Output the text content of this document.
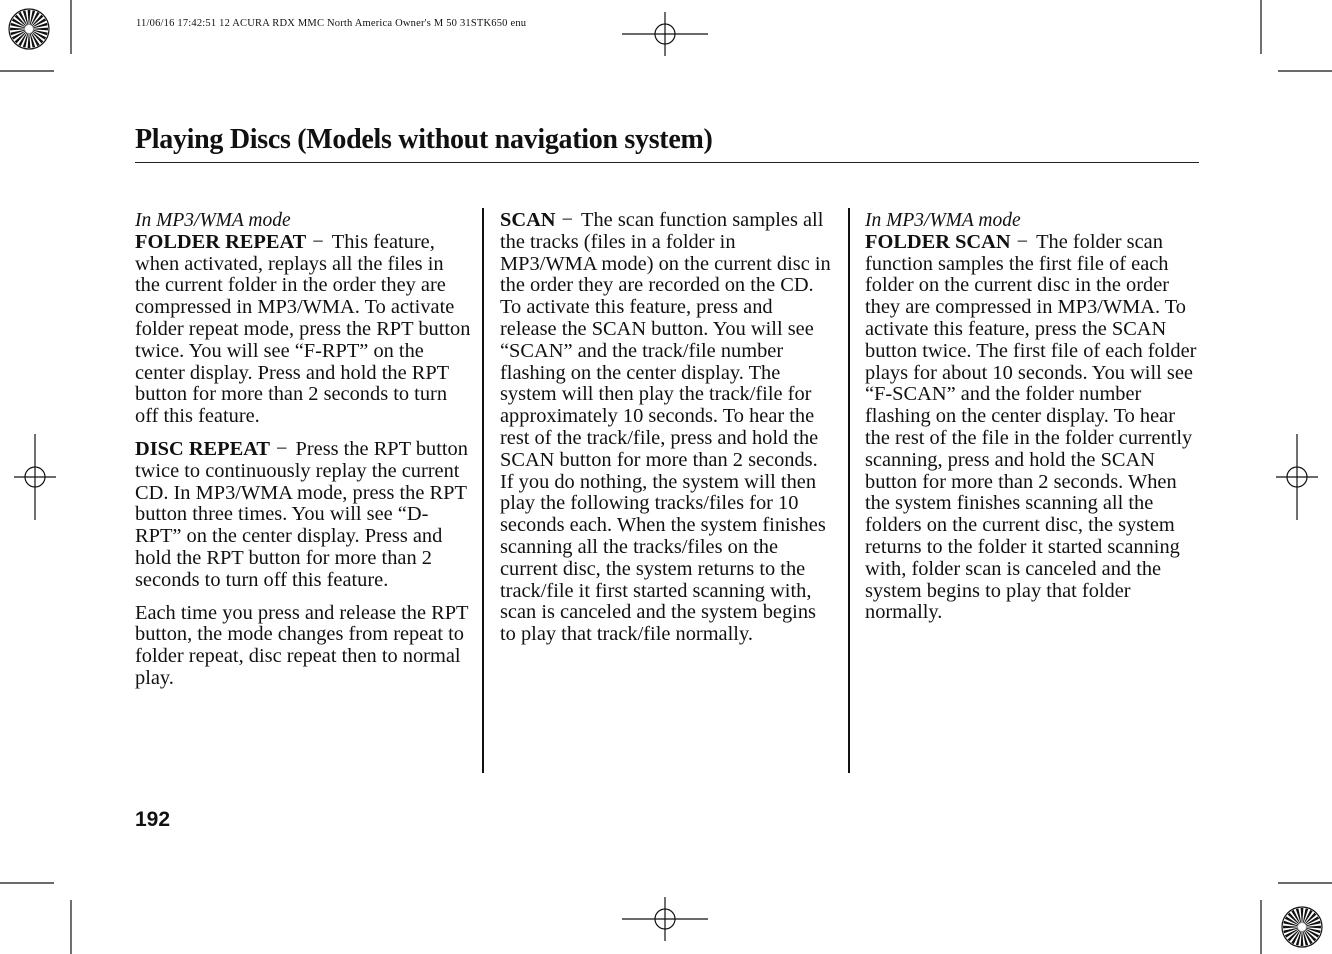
11/06/16 17:42:51 12 ACURA RDX MMC North America Owner's M 50 31STK650 enu
Playing Discs (Models without navigation system)

In MP3/WMA mode
FOLDER REPEAT − This feature, when activated, replays all the files in the current folder in the order they are compressed in MP3/WMA. To activate folder repeat mode, press the RPT button twice. You will see “F-RPT” on the center display. Press and hold the RPT button for more than 2 seconds to turn off this feature.

DISC REPEAT − Press the RPT button twice to continuously replay the current CD. In MP3/WMA mode, press the RPT button three times. You will see “D-RPT” on the center display. Press and hold the RPT button for more than 2 seconds to turn off this feature.

Each time you press and release the RPT button, the mode changes from repeat to folder repeat, disc repeat then to normal play.

SCAN − The scan function samples all the tracks (files in a folder in MP3/WMA mode) on the current disc in the order they are recorded on the CD. To activate this feature, press and release the SCAN button. You will see “SCAN” and the track/file number flashing on the center display. The system will then play the track/file for approximately 10 seconds. To hear the rest of the track/file, press and hold the SCAN button for more than 2 seconds. If you do nothing, the system will then play the following tracks/files for 10 seconds each. When the system finishes scanning all the tracks/files on the current disc, the system returns to the track/file it first started scanning with, scan is canceled and the system begins to play that track/file normally.

In MP3/WMA mode
FOLDER SCAN − The folder scan function samples the first file of each folder on the current disc in the order they are compressed in MP3/WMA. To activate this feature, press the SCAN button twice. The first file of each folder plays for about 10 seconds. You will see “F-SCAN” and the folder number flashing on the center display. To hear the rest of the file in the folder currently scanning, press and hold the SCAN button for more than 2 seconds. When the system finishes scanning all the folders on the current disc, the system returns to the folder it started scanning with, folder scan is canceled and the system begins to play that folder normally.

192
